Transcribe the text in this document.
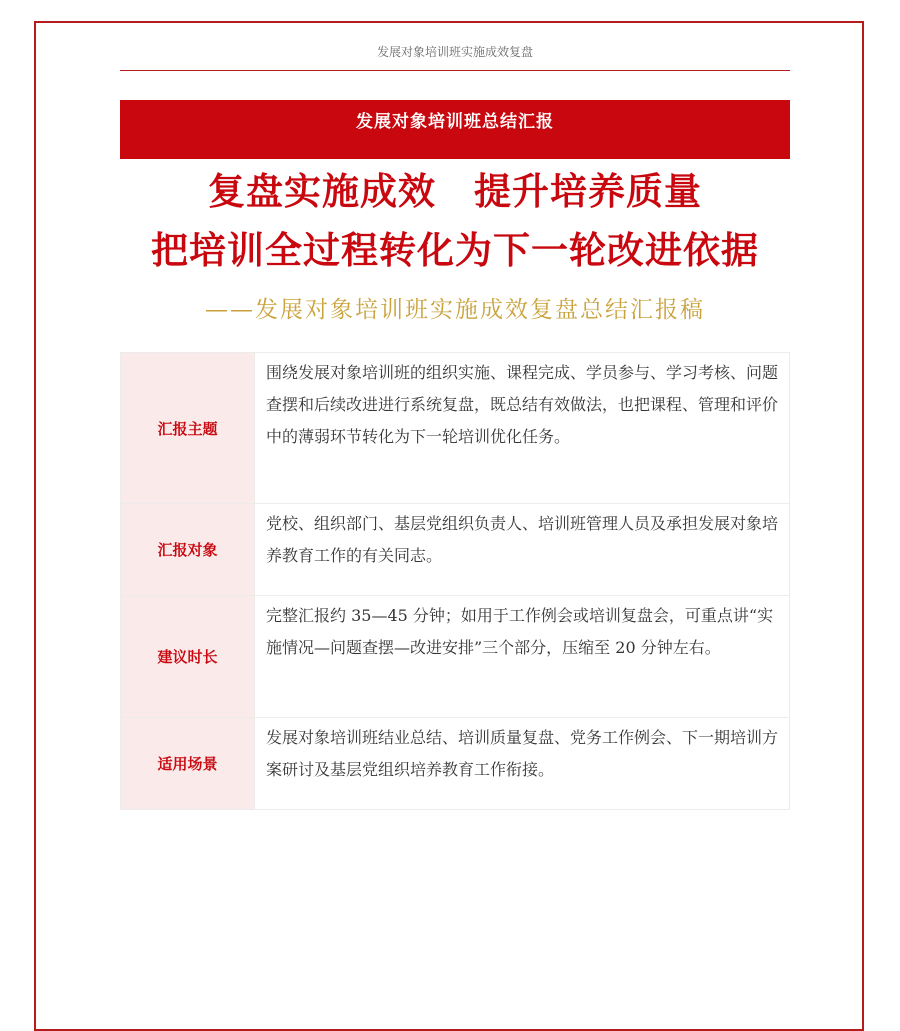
发展对象培训班实施成效复盘
发展对象培训班总结汇报
复盘实施成效　提升培养质量
把培训全过程转化为下一轮改进依据
——发展对象培训班实施成效复盘总结汇报稿
汇报主题	围绕发展对象培训班的组织实施、课程完成、学员参与、学习考核、问题查摆和后续改进进行系统复盘，既总结有效做法，也把课程、管理和评价中的薄弱环节转化为下一轮培训优化任务。
汇报对象	党校、组织部门、基层党组织负责人、培训班管理人员及承担发展对象培养教育工作的有关同志。
建议时长	完整汇报约 35—45 分钟；如用于工作例会或培训复盘会，可重点讲“实施情况—问题查摆—改进安排”三个部分，压缩至 20 分钟左右。
适用场景	发展对象培训班结业总结、培训质量复盘、党务工作例会、下一期培训方案研讨及基层党组织培养教育工作衔接。
